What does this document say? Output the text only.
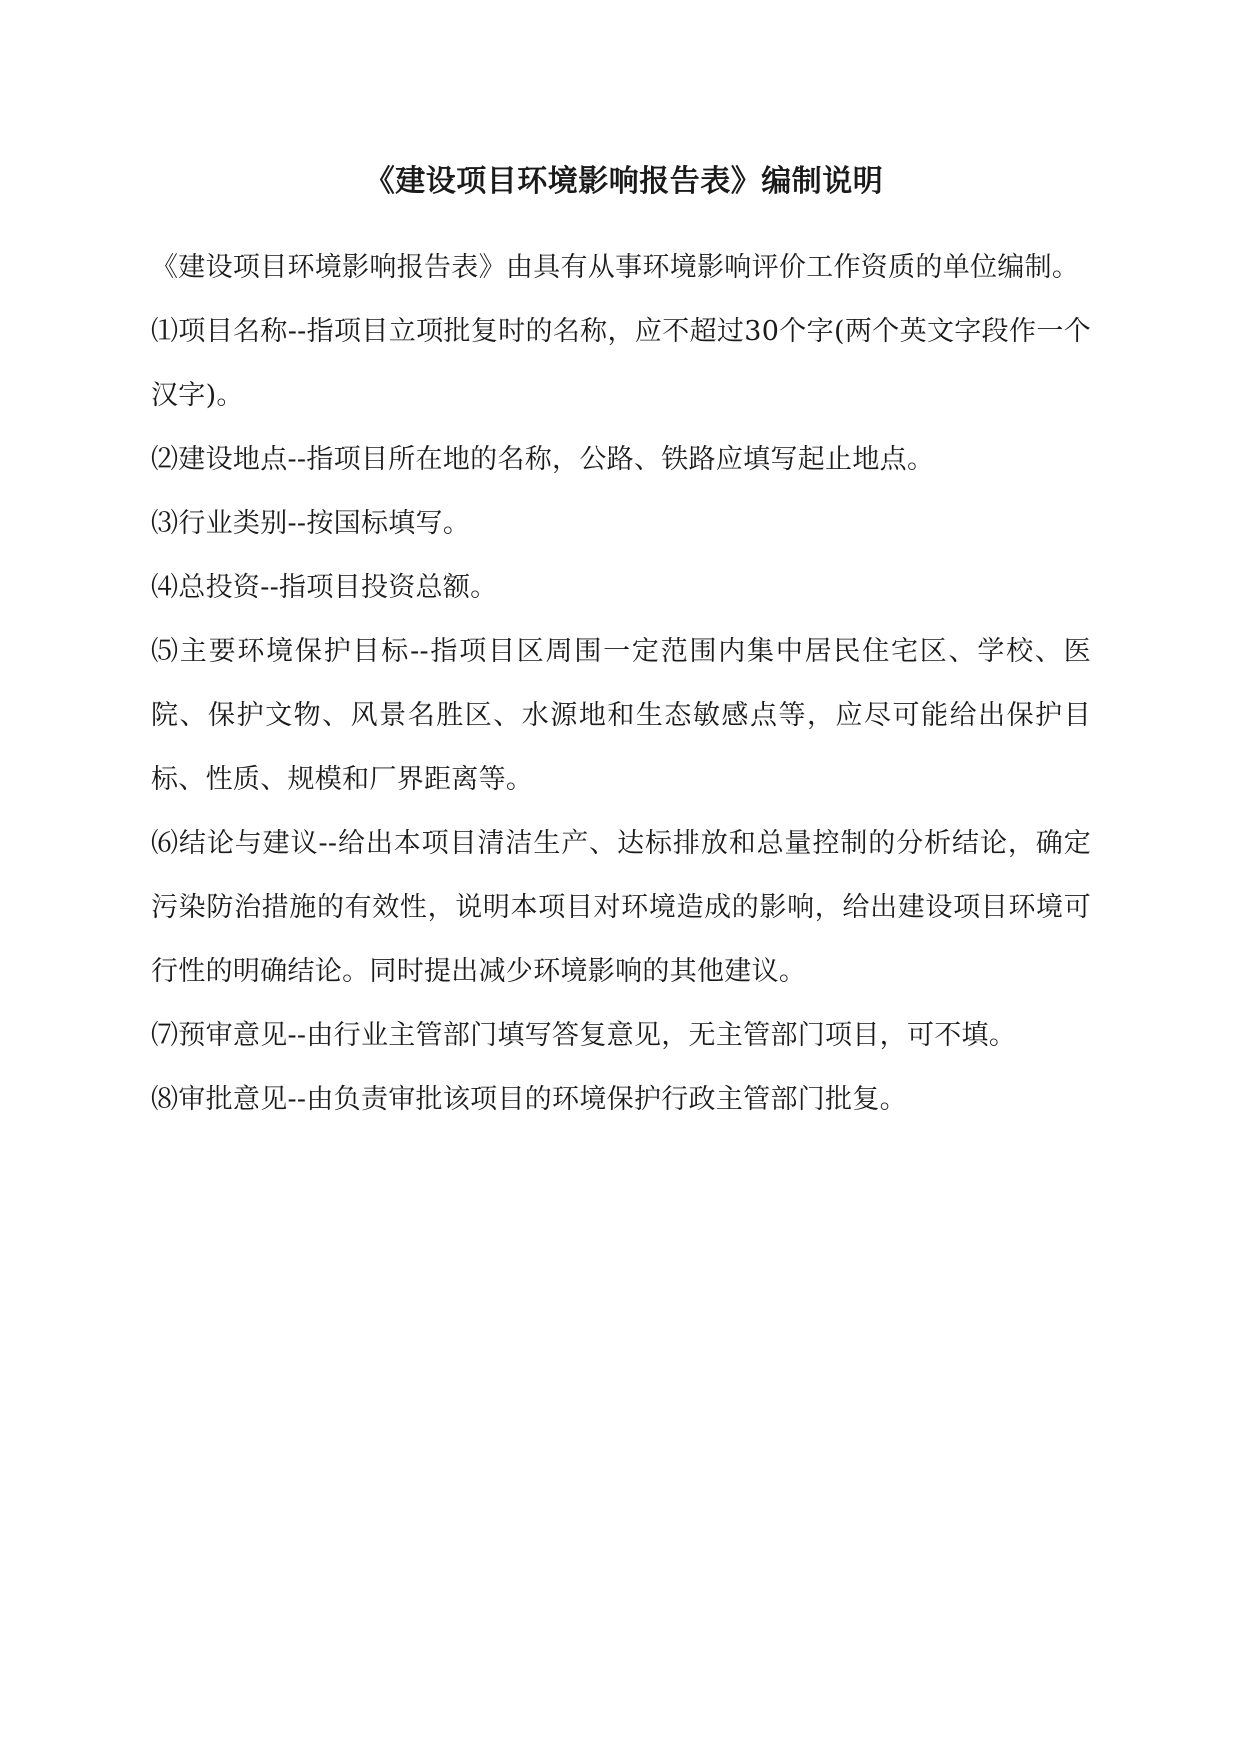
《建设项目环境影响报告表》编制说明

《建设项目环境影响报告表》由具有从事环境影响评价工作资质的单位编制。

⑴项目名称--指项目立项批复时的名称，应不超过30个字(两个英文字段作一个汉字)。

⑵建设地点--指项目所在地的名称，公路、铁路应填写起止地点。

⑶行业类别--按国标填写。

⑷总投资--指项目投资总额。

⑸主要环境保护目标--指项目区周围一定范围内集中居民住宅区、学校、医院、保护文物、风景名胜区、水源地和生态敏感点等，应尽可能给出保护目标、性质、规模和厂界距离等。

⑹结论与建议--给出本项目清洁生产、达标排放和总量控制的分析结论，确定污染防治措施的有效性，说明本项目对环境造成的影响，给出建设项目环境可行性的明确结论。同时提出减少环境影响的其他建议。

⑺预审意见--由行业主管部门填写答复意见，无主管部门项目，可不填。

⑻审批意见--由负责审批该项目的环境保护行政主管部门批复。
